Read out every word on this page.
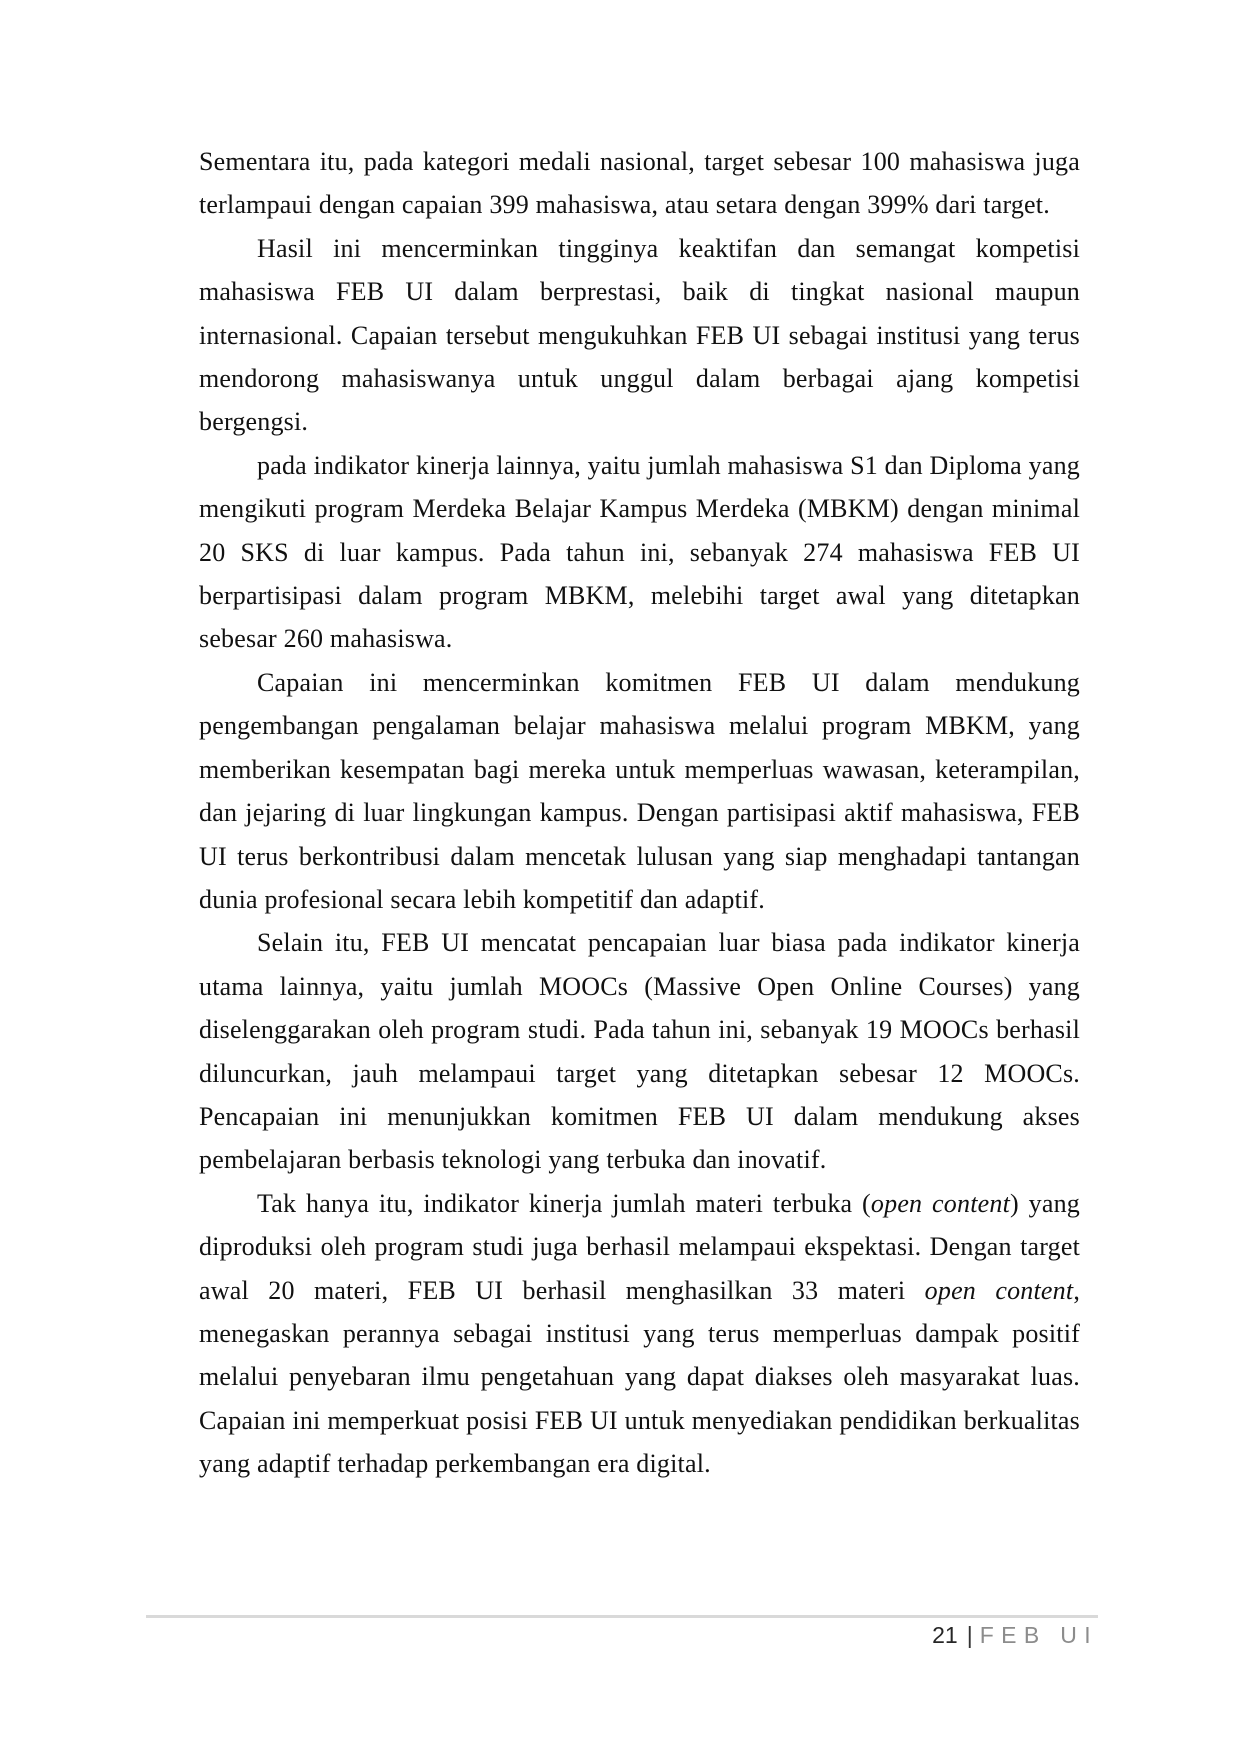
Sementara itu, pada kategori medali nasional, target sebesar 100 mahasiswa juga terlampaui dengan capaian 399 mahasiswa, atau setara dengan 399% dari target.

Hasil ini mencerminkan tingginya keaktifan dan semangat kompetisi mahasiswa FEB UI dalam berprestasi, baik di tingkat nasional maupun internasional. Capaian tersebut mengukuhkan FEB UI sebagai institusi yang terus mendorong mahasiswanya untuk unggul dalam berbagai ajang kompetisi bergengsi.

pada indikator kinerja lainnya, yaitu jumlah mahasiswa S1 dan Diploma yang mengikuti program Merdeka Belajar Kampus Merdeka (MBKM) dengan minimal 20 SKS di luar kampus. Pada tahun ini, sebanyak 274 mahasiswa FEB UI berpartisipasi dalam program MBKM, melebihi target awal yang ditetapkan sebesar 260 mahasiswa.

Capaian ini mencerminkan komitmen FEB UI dalam mendukung pengembangan pengalaman belajar mahasiswa melalui program MBKM, yang memberikan kesempatan bagi mereka untuk memperluas wawasan, keterampilan, dan jejaring di luar lingkungan kampus. Dengan partisipasi aktif mahasiswa, FEB UI terus berkontribusi dalam mencetak lulusan yang siap menghadapi tantangan dunia profesional secara lebih kompetitif dan adaptif.

Selain itu, FEB UI mencatat pencapaian luar biasa pada indikator kinerja utama lainnya, yaitu jumlah MOOCs (Massive Open Online Courses) yang diselenggarakan oleh program studi. Pada tahun ini, sebanyak 19 MOOCs berhasil diluncurkan, jauh melampaui target yang ditetapkan sebesar 12 MOOCs. Pencapaian ini menunjukkan komitmen FEB UI dalam mendukung akses pembelajaran berbasis teknologi yang terbuka dan inovatif.

Tak hanya itu, indikator kinerja jumlah materi terbuka (open content) yang diproduksi oleh program studi juga berhasil melampaui ekspektasi. Dengan target awal 20 materi, FEB UI berhasil menghasilkan 33 materi open content, menegaskan perannya sebagai institusi yang terus memperluas dampak positif melalui penyebaran ilmu pengetahuan yang dapat diakses oleh masyarakat luas. Capaian ini memperkuat posisi FEB UI untuk menyediakan pendidikan berkualitas yang adaptif terhadap perkembangan era digital.

21 | FEB UI
